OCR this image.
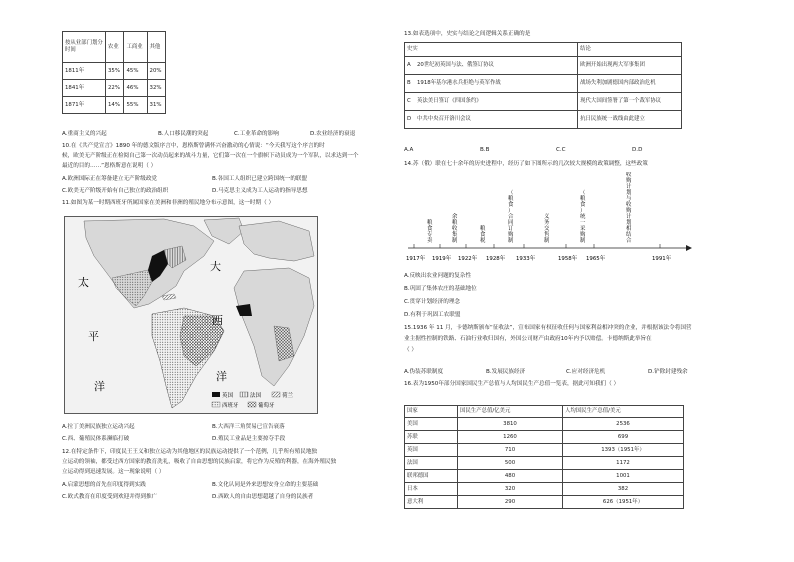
按从业部门划分
时间	农业	工商业	其他
1811年	35%	45%	20%
1841年	22%	46%	32%
1871年	14%	55%	31%
A.重商主义的兴起	B.人口移民潮的突起	C.工业革命的影响	D.农业经济的衰退
10.在《共产党宣言》1890 年的德文版序言中，恩格斯曾满怀兴奋激动的心情说：“今天我写这个序言的时
候，欧美无产阶级正在检阅自己第一次动员起来的战斗力量，它们第一次在一个旗帜下动员成为一个军队，以求达到一个
最近的目的……”恩格斯意在说明（ ）
A.欧洲国际正在筹备建立无产阶级政党	B.各国工人组织已建立跨国统一的联盟
C.欧美无产阶级开始有自己独立的政治组织	D.马克思主义成为工人运动的指导思想
11.如图为某一时期西班牙所属国家在美洲和非洲的殖民地分布示意图，这一时期（ ）
太
平
洋
大
西
洋
英国	法国	荷兰
西班牙	葡萄牙
A.拉丁美洲民族独立运动兴起	B.大西洋三角贸易已宣告衰落
C.西、葡殖民体系濒临打破	D.殖民工业品是主要掠夺手段
12.在特定条件下，印度民王王义和独立运动为其他地区的民族运动提供了一个范例，几乎所有殖民地独
立运动的领袖，都受过西方国家的教育洗礼，吸收了自由思想的民族启蒙，将它作为反殖的利器，在海外殖民独
立运动得到迅速发展。这一现象说明（ ）
A.启蒙思想的首先在印度得到实践	B.文化认同是外来思想安身立命的主要基础
C.欧式教育在印度受到欢迎并得到推广	D.西欧人的自由思想超越了自身的民族者
13.如表选项中，史实与结论之间逻辑关系正确的是
史实		结论
A	20世纪初英国与法、俄签订协议	欧洲开始出现两大军事集团
B	1918年基尔港水兵拒绝与英军作战	战场失利加剧德国内部政治危机
C	英法美日签订《四国条约》	现代大国间签署了第一个裁军协议
D	中共中央召开洛川会议	抗日民族统一战线由此建立
A.A	B.B	C.C	D.D
14.苏（俄）联在七十余年的历史进程中，经历了如下图所示的几次较大规模的政策调整，这些政策
1917年 1919年 1922年 1928年 1933年	1958年 1965年	1991年
粮食专卖
余粮收集制
粮食税
（粮食）合同订购制
义务交售制
（粮食）统一采购制
收购计划与收购计划相结合
A.反映出农业问题的复杂性
B.巩固了集体农庄的基础地位
C.贯穿计划经济的理念
D.有利于巩固工农联盟
15.1936 年 11 月，卡德纳斯颁布“征收法”，宣布国家有权征收任何与国家利益相冲突的企业，并根据该法令将国营
业主据性控制的铁路、石油行业收归国有，外国公司财产由政府10年内予以赔偿。卡德纳斯此举旨在
（ ）
A.伪装苏联制度	B.发展民族经济	C.应对经济危机	D.铲除封建残余
16.表为1950年部分国家国民生产总值与人均国民生产总值一览表，据此可知我们（ ）
国家	国民生产总值/亿美元	人均国民生产总值/美元
美国	3810	2536
苏联	1260	699
英国	710	1393（1951年）
法国	500	1172
联邦德国	480	1001
日本	320	382
意大利	290	626（1951年）
